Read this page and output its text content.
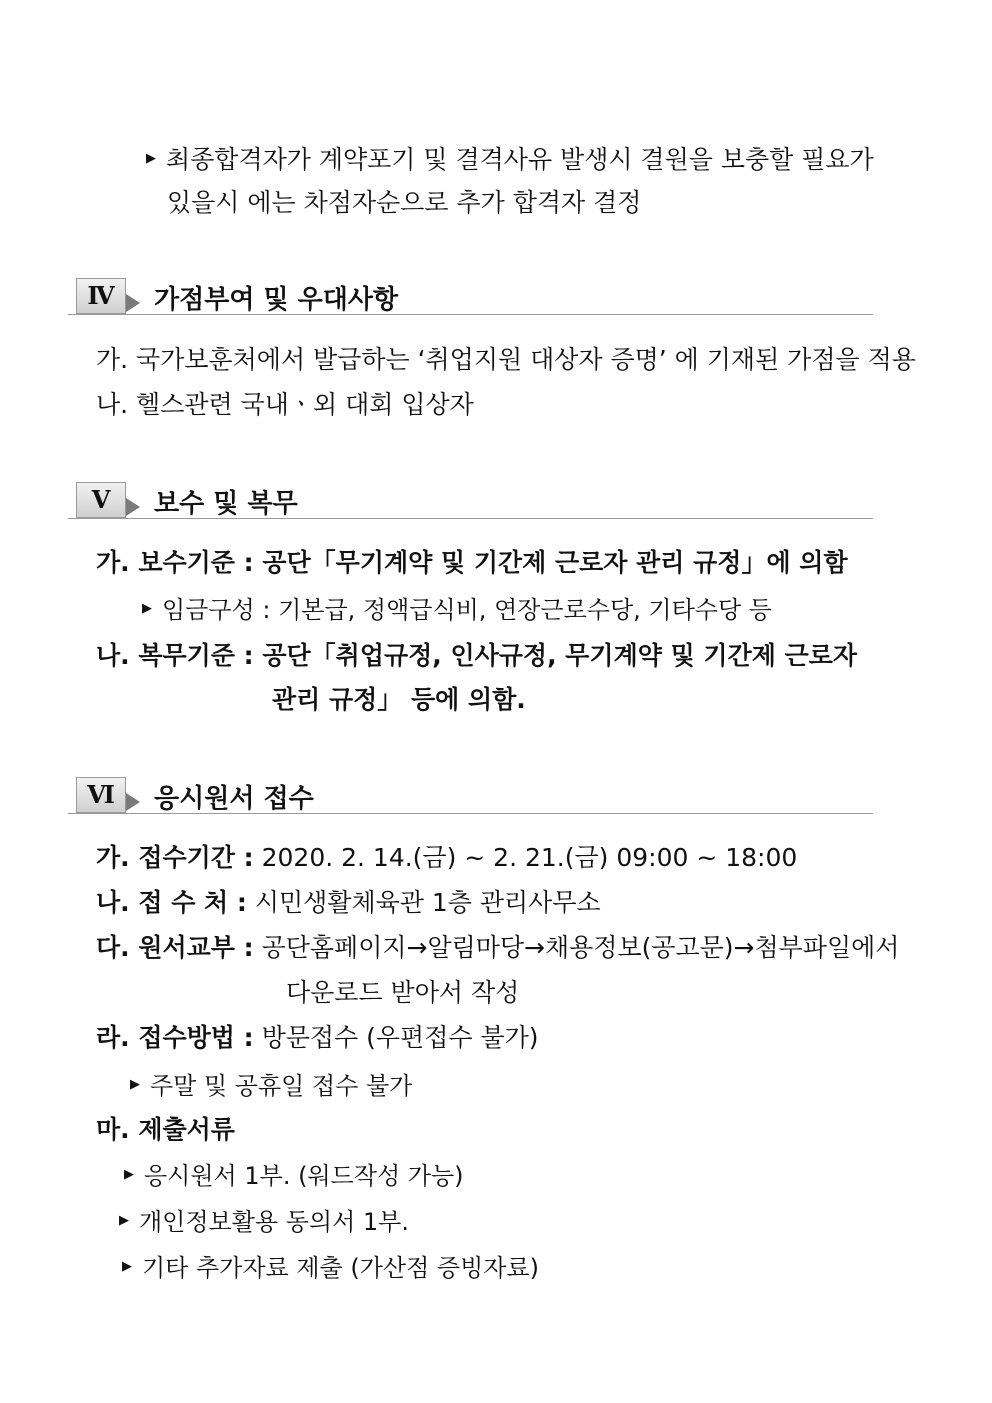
▶ 최종합격자가 계약포기 및 결격사유 발생시 결원을 보충할 필요가
있을시 에는 차점자순으로 추가 합격자 결정
Ⅳ	가점부여 및 우대사항
가. 국가보훈처에서 발급하는 ‘취업지원 대상자 증명’ 에 기재된 가점을 적용
나. 헬스관련 국내ㆍ외 대회 입상자
Ⅴ	보수 및 복무
가. 보수기준 : 공단「무기계약 및 기간제 근로자 관리 규정」에 의함
▶ 임금구성 : 기본급, 정액급식비, 연장근로수당, 기타수당 등
나. 복무기준 : 공단「취업규정, 인사규정, 무기계약 및 기간제 근로자
관리 규정」 등에 의함.
Ⅵ	응시원서 접수
가. 접수기간 : 2020. 2. 14.(금) ~ 2. 21.(금) 09:00 ~ 18:00
나. 접 수 처 : 시민생활체육관 1층 관리사무소
다. 원서교부 : 공단홈페이지→알림마당→채용정보(공고문)→첨부파일에서
다운로드 받아서 작성
라. 접수방법 : 방문접수 (우편접수 불가)
▶ 주말 및 공휴일 접수 불가
마. 제출서류
▶ 응시원서 1부. (워드작성 가능)
▶ 개인정보활용 동의서 1부.
▶ 기타 추가자료 제출 (가산점 증빙자료)
